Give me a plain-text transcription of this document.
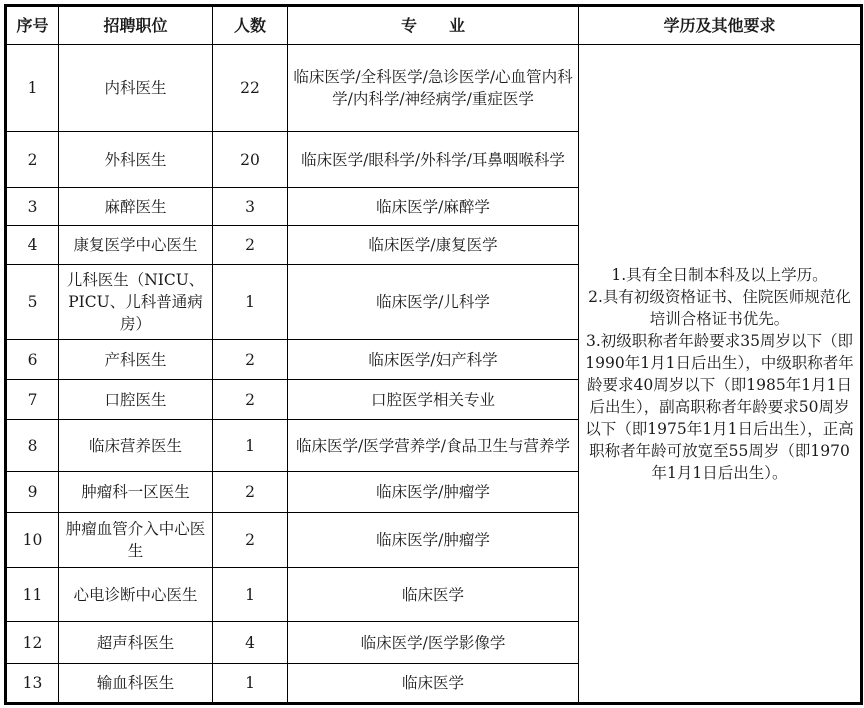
序号	招聘职位	人数	专　　业	学历及其他要求
1	内科医生	22	临床医学/全科医学/急诊医学/心血管内科学/内科学/神经病学/重症医学	1.具有全日制本科及以上学历。

2.具有初级资格证书、住院医师规范化培训合格证书优先。

3.初级职称者年龄要求35周岁以下（即1990年1月1日后出生），中级职称者年龄要求40周岁以下（即1985年1月1日后出生），副高职称者年龄要求50周岁以下（即1975年1月1日后出生），正高职称者年龄可放宽至55周岁（即1970年1月1日后出生）。

2	外科医生	20	临床医学/眼科学/外科学/耳鼻咽喉科学	
3	麻醉医生	3	临床医学/麻醉学	
4	康复医学中心医生	2	临床医学/康复医学	
5	儿科医生（NICU、PICU、儿科普通病房）	1	临床医学/儿科学	
6	产科医生	2	临床医学/妇产科学	
7	口腔医生	2	口腔医学相关专业	
8	临床营养医生	1	临床医学/医学营养学/食品卫生与营养学	
9	肿瘤科一区医生	2	临床医学/肿瘤学	
10	肿瘤血管介入中心医生	2	临床医学/肿瘤学	
11	心电诊断中心医生	1	临床医学	
12	超声科医生	4	临床医学/医学影像学	
13	输血科医生	1	临床医学	
